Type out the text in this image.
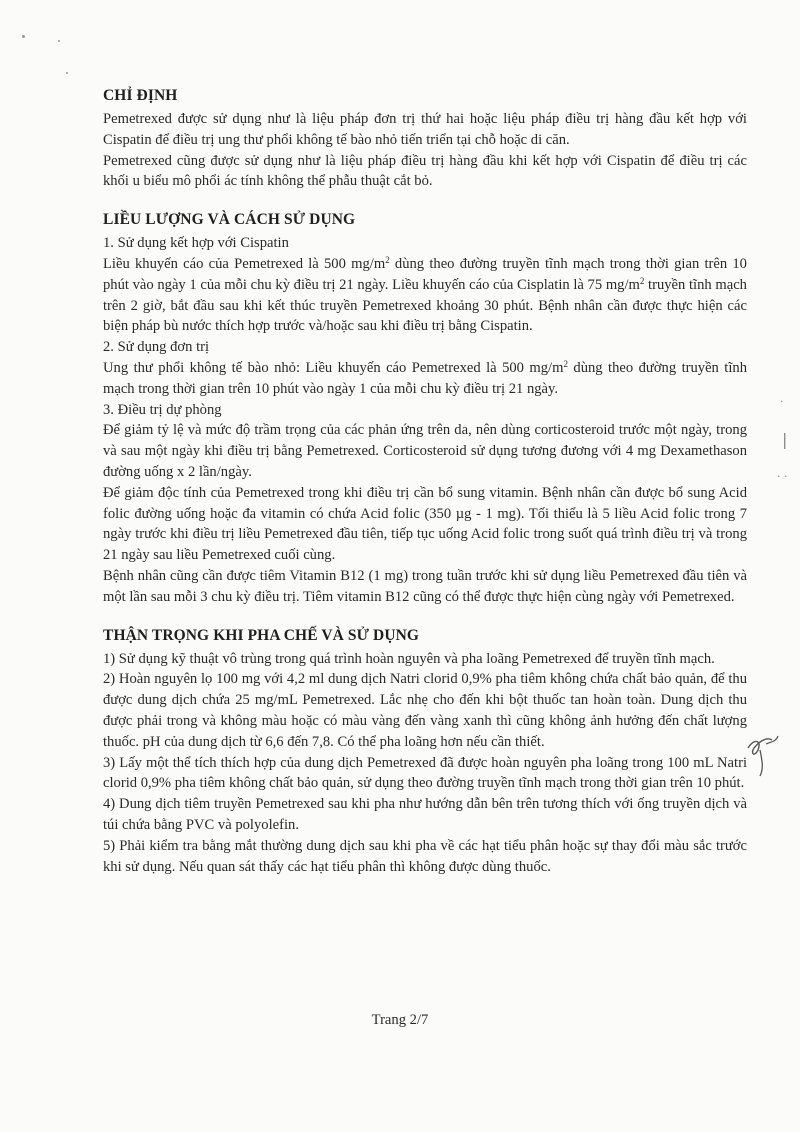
·
|
· ·
CHỈ ĐỊNH

Pemetrexed được sử dụng như là liệu pháp đơn trị thứ hai hoặc liệu pháp điều trị hàng đầu kết hợp với Cispatin để điều trị ung thư phổi không tế bào nhỏ tiến triển tại chỗ hoặc di căn.

Pemetrexed cũng được sử dụng như là liệu pháp điều trị hàng đầu khi kết hợp với Cispatin để điều trị các khối u biểu mô phổi ác tính không thể phẫu thuật cắt bỏ.

LIỀU LƯỢNG VÀ CÁCH SỬ DỤNG

1. Sử dụng kết hợp với Cispatin

Liều khuyến cáo của Pemetrexed là 500 $mg/m^2$ dùng theo đường truyền tĩnh mạch trong thời gian trên 10 phút vào ngày 1 của mỗi chu kỳ điều trị 21 ngày. Liều khuyến cáo của Cisplatin là 75 $mg/m^2$ truyền tĩnh mạch trên 2 giờ, bắt đầu sau khi kết thúc truyền Pemetrexed khoảng 30 phút. Bệnh nhân cần được thực hiện các biện pháp bù nước thích hợp trước và/hoặc sau khi điều trị bằng Cispatin.

2. Sử dụng đơn trị

Ung thư phổi không tế bào nhỏ: Liều khuyến cáo Pemetrexed là 500 $mg/m^2$ dùng theo đường truyền tĩnh mạch trong thời gian trên 10 phút vào ngày 1 của mỗi chu kỳ điều trị 21 ngày.

3. Điều trị dự phòng

Để giảm tỷ lệ và mức độ trầm trọng của các phản ứng trên da, nên dùng corticosteroid trước một ngày, trong và sau một ngày khi điều trị bằng Pemetrexed. Corticosteroid sử dụng tương đương với 4 mg Dexamethason đường uống x 2 lần/ngày.

Để giảm độc tính của Pemetrexed trong khi điều trị cần bổ sung vitamin. Bệnh nhân cần được bổ sung Acid folic đường uống hoặc đa vitamin có chứa Acid folic (350 µg - 1 mg). Tối thiểu là 5 liều Acid folic trong 7 ngày trước khi điều trị liều Pemetrexed đầu tiên, tiếp tục uống Acid folic trong suốt quá trình điều trị và trong 21 ngày sau liều Pemetrexed cuối cùng.

Bệnh nhân cũng cần được tiêm Vitamin B12 (1 mg) trong tuần trước khi sử dụng liều Pemetrexed đầu tiên và một lần sau mỗi 3 chu kỳ điều trị. Tiêm vitamin B12 cũng có thể được thực hiện cùng ngày với Pemetrexed.

THẬN TRỌNG KHI PHA CHẾ VÀ SỬ DỤNG

1) Sử dụng kỹ thuật vô trùng trong quá trình hoàn nguyên và pha loãng Pemetrexed để truyền tĩnh mạch.

2) Hoàn nguyên lọ 100 mg với 4,2 ml dung dịch Natri clorid 0,9% pha tiêm không chứa chất bảo quản, để thu được dung dịch chứa 25 mg/mL Pemetrexed. Lắc nhẹ cho đến khi bột thuốc tan hoàn toàn. Dung dịch thu được phải trong và không màu hoặc có màu vàng đến vàng xanh thì cũng không ảnh hưởng đến chất lượng thuốc. pH của dung dịch từ 6,6 đến 7,8. Có thể pha loãng hơn nếu cần thiết.

3) Lấy một thể tích thích hợp của dung dịch Pemetrexed đã được hoàn nguyên pha loãng trong 100 mL Natri clorid 0,9% pha tiêm không chất bảo quản, sử dụng theo đường truyền tĩnh mạch trong thời gian trên 10 phút.

4) Dung dịch tiêm truyền Pemetrexed sau khi pha như hướng dẫn bên trên tương thích với ống truyền dịch và túi chứa bằng PVC và polyolefin.

5) Phải kiểm tra bằng mắt thường dung dịch sau khi pha về các hạt tiểu phân hoặc sự thay đổi màu sắc trước khi sử dụng. Nếu quan sát thấy các hạt tiểu phân thì không được dùng thuốc.

Trang 2/7
